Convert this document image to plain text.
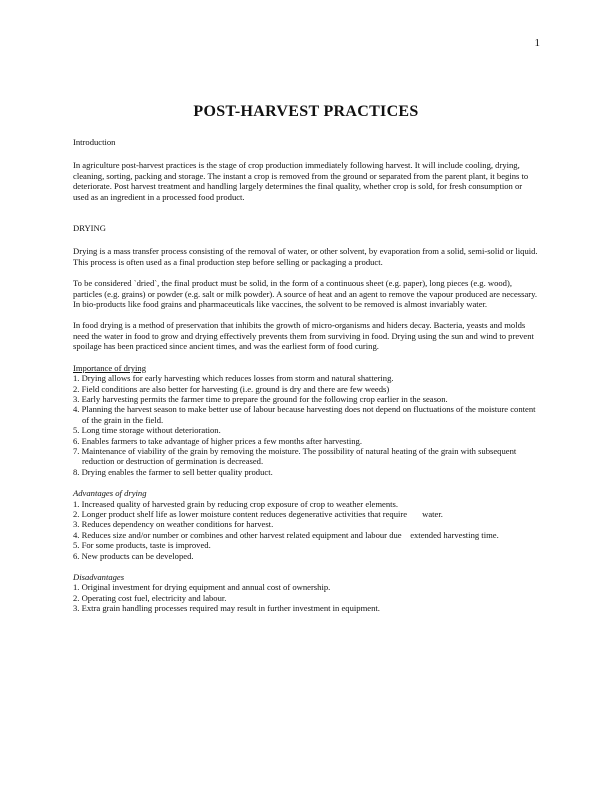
1
POST-HARVEST PRACTICES

Introduction

In agriculture post-harvest practices is the stage of crop production immediately following harvest. It will include cooling, drying, cleaning, sorting, packing and storage. The instant a crop is removed from the ground or separated from the parent plant, it begins to deteriorate. Post harvest treatment and handling largely determines the final quality, whether crop is sold, for fresh consumption or used as an ingredient in a processed food product.

DRYING

Drying is a mass transfer process consisting of the removal of water, or other solvent, by evaporation from a solid, semi-solid or liquid. This process is often used as a final production step before selling or packaging a product.

To be considered `dried`, the final product must be solid, in the form of a continuous sheet (e.g. paper), long pieces (e.g. wood), particles (e.g. grains) or powder (e.g. salt or milk powder). A source of heat and an agent to remove the vapour produced are necessary. In bio-products like food grains and pharmaceuticals like vaccines, the solvent to be removed is almost invariably water.

In food drying is a method of preservation that inhibits the growth of micro-organisms and hiders decay. Bacteria, yeasts and molds need the water in food to grow and drying effectively prevents them from surviving in food. Drying using the sun and wind to prevent spoilage has been practiced since ancient times, and was the earliest form of food curing.

Importance of drying

1. Drying allows for early harvesting which reduces losses from storm and natural shattering.
2. Field conditions are also better for harvesting (i.e. ground is dry and there are few weeds)
3. Early harvesting permits the farmer time to prepare the ground for the following crop earlier in the season.
4. Planning the harvest season to make better use of labour because harvesting does not depend on fluctuations of the moisture content of the grain in the field.
5. Long time storage without deterioration.
6. Enables farmers to take advantage of higher prices a few months after harvesting.
7. Maintenance of viability of the grain by removing the moisture. The possibility of natural heating of the grain with subsequent reduction or destruction of germination is decreased.
8. Drying enables the farmer to sell better quality product.

Advantages of drying

1. Increased quality of harvested grain by reducing crop exposure of crop to weather elements.
2. Longer product shelf life as lower moisture content reduces degenerative activities that require       water.
3. Reduces dependency on weather conditions for harvest.
4. Reduces size and/or number or combines and other harvest related equipment and labour due    extended harvesting time.
5. For some products, taste is improved.
6. New products can be developed.

Disadvantages

1. Original investment for drying equipment and annual cost of ownership.
2. Operating cost fuel, electricity and labour.
3. Extra grain handling processes required may result in further investment in equipment.
